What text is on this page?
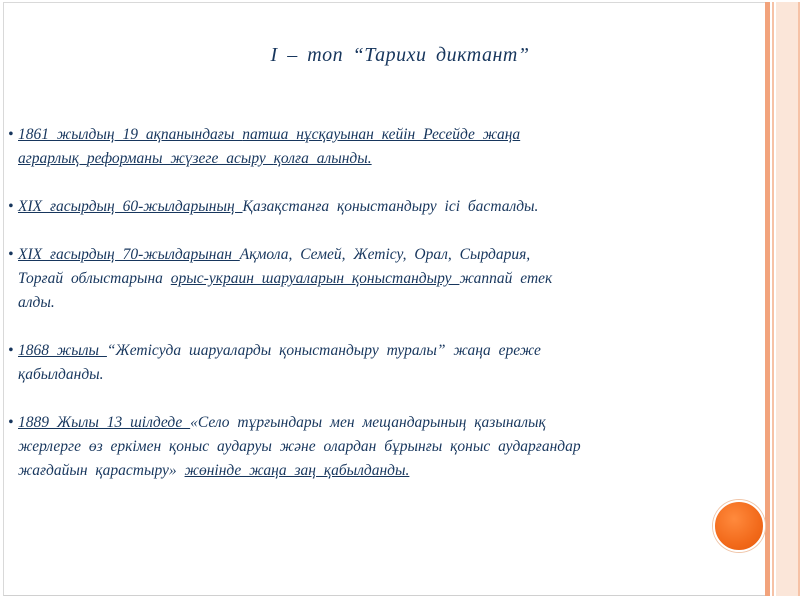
І – топ “Тарихи диктант”
• 1861 жылдың 19 ақпанындағы патша нұсқауынан кейін Ресейде жаңа
аграрлық реформаны жүзеге асыру қолға алынды.
• XIX ғасырдың 60-жылдарының Қазақстанға қоныстандыру ісі басталды.
• XIX ғасырдың 70-жылдарынан Ақмола, Семей, Жетісу, Орал, Сырдария,
Торғай облыстарына орыс-украин шаруаларын қоныстандыру жаппай етек
алды.
• 1868 жылы “Жетісуда шаруаларды қоныстандыру туралы” жаңа ереже
қабылданды.
• 1889 Жылы 13 шілдеде «Село тұрғындары мен мещандарының қазыналық
жерлерге өз еркімен қоныс аударуы және олардан бұрынғы қоныс аударғандар
жағдайын қарастыру» жөнінде жаңа заң қабылданды.
